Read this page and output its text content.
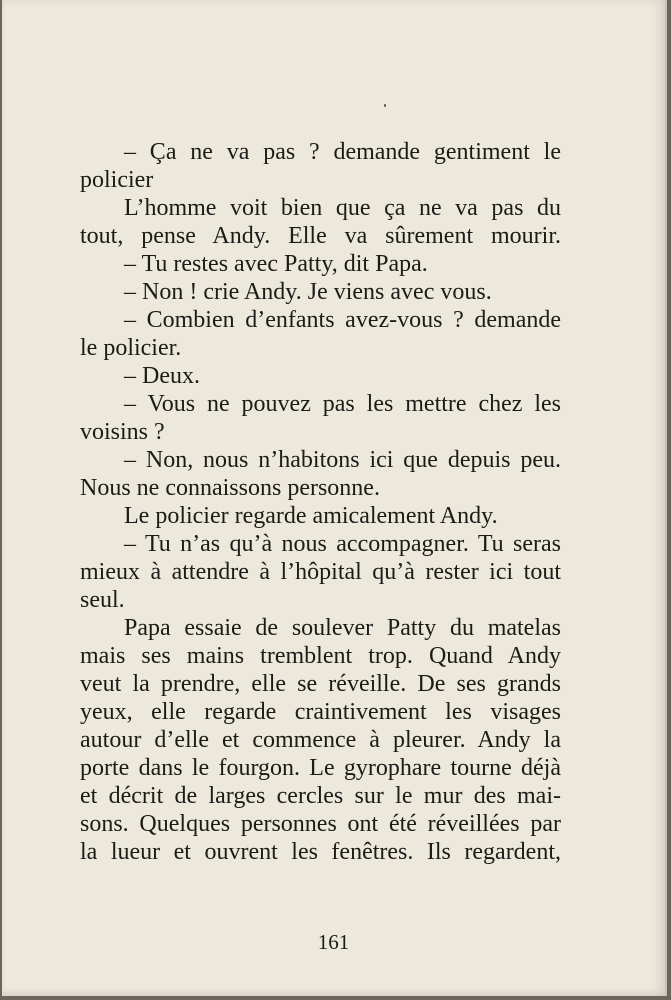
– Ça ne va pas ? demande gentiment le
policier
L’homme voit bien que ça ne va pas du
tout, pense Andy. Elle va sûrement mourir.
– Tu restes avec Patty, dit Papa.
– Non ! crie Andy. Je viens avec vous.
– Combien d’enfants avez-vous ? demande
le policier.
– Deux.
– Vous ne pouvez pas les mettre chez les
voisins ?
– Non, nous n’habitons ici que depuis peu.
Nous ne connaissons personne.
Le policier regarde amicalement Andy.
– Tu n’as qu’à nous accompagner. Tu seras
mieux à attendre à l’hôpital qu’à rester ici tout
seul.
Papa essaie de soulever Patty du matelas
mais ses mains tremblent trop. Quand Andy
veut la prendre, elle se réveille. De ses grands
yeux, elle regarde craintivement les visages
autour d’elle et commence à pleurer. Andy la
porte dans le fourgon. Le gyrophare tourne déjà
et décrit de larges cercles sur le mur des mai-
sons. Quelques personnes ont été réveillées par
la lueur et ouvrent les fenêtres. Ils regardent,
161
